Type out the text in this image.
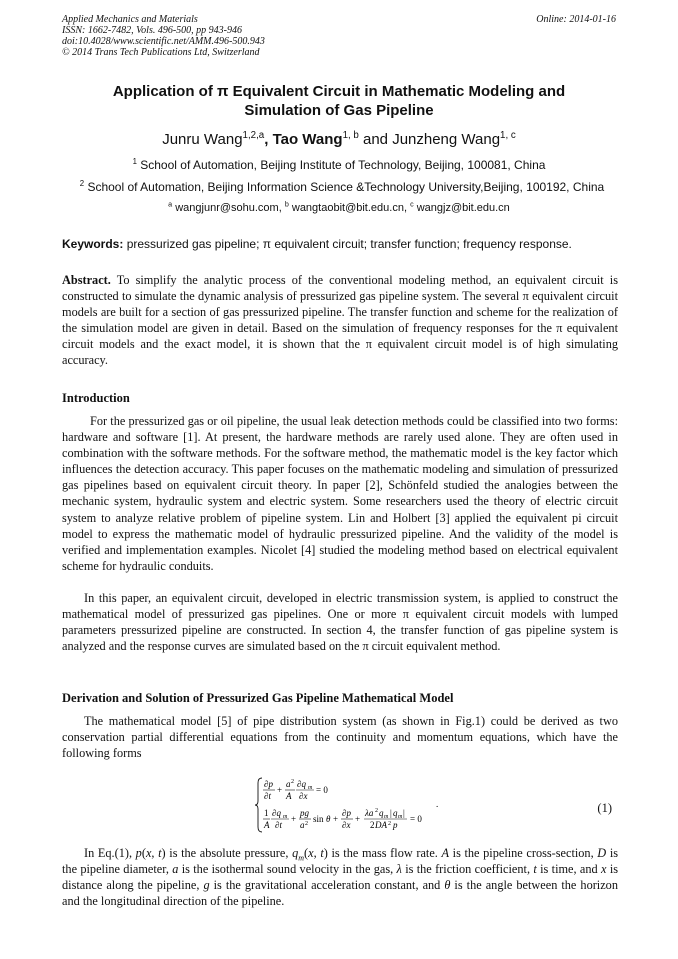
Applied Mechanics and Materials
ISSN: 1662-7482, Vols. 496-500, pp 943-946
doi:10.4028/www.scientific.net/AMM.496-500.943
© 2014 Trans Tech Publications Ltd, Switzerland
Online: 2014-01-16
Application of π Equivalent Circuit in Mathematic Modeling and
Simulation of Gas Pipeline
Junru Wang$^{1,2,a}$, Tao Wang$^{1, b}$ and Junzheng Wang$^{1, c}$
$^1$ School of Automation, Beijing Institute of Technology, Beijing, 100081, China
$^2$ School of Automation, Beijing Information Science &Technology University,Beijing, 100192, China
$^a$ wangjunr@sohu.com, $^b$ wangtaobit@bit.edu.cn, $^c$ wangjz@bit.edu.cn
Keywords: pressurized gas pipeline; π equivalent circuit; transfer function; frequency response.
Abstract. To simplify the analytic process of the conventional modeling method, an equivalent circuit is constructed to simulate the dynamic analysis of pressurized gas pipeline system. The several π equivalent circuit models are built for a section of gas pressurized pipeline. The transfer function and scheme for the realization of the simulation model are given in detail. Based on the simulation of frequency responses for the π equivalent circuit models and the exact model, it is shown that the π equivalent circuit model is of high simulating accuracy.
Introduction
For the pressurized gas or oil pipeline, the usual leak detection methods could be classified into two forms: hardware and software [1]. At present, the hardware methods are rarely used alone. They are often used in combination with the software methods. For the software method, the mathematic model is the key factor which influences the detection accuracy. This paper focuses on the mathematic modeling and simulation of pressurized gas pipelines based on equivalent circuit theory. In paper [2], Schönfeld studied the analogies between the mechanic system, hydraulic system and electric system. Some researchers used the theory of electric circuit system to analyze relative problem of pipeline system. Lin and Holbert [3] applied the equivalent pi circuit model to express the mathematic model of hydraulic pressurized pipeline. And the validity of the model is verified and implementation examples. Nicolet [4] studied the modeling method based on electrical equivalent scheme for hydraulic conduits.
In this paper, an equivalent circuit, developed in electric transmission system, is applied to construct the mathematical model of pressurized gas pipelines. One or more π equivalent circuit models with lumped parameters pressurized pipeline are constructed. In section 4, the transfer function of gas pipeline system is analyzed and the response curves are simulated based on the π circuit equivalent method.
Derivation and Solution of Pressurized Gas Pipeline Mathematical Model
The mathematical model [5] of pipe distribution system (as shown in Fig.1) could be derived as two conservation partial differential equations from the continuity and momentum equations, which have the following forms
∂p
∂t
+
a 2
A
∂q m
∂x
= 0
1
A
∂q m
∂t
+
pg
a 2 sin θ +
∂p
∂x
+
λa 2 q m | q m |
2 DA 2 p
= 0
.	(1)
In Eq.(1), p(x, t) is the absolute pressure, $q_m(x$, t) is the mass flow rate. A is the pipeline cross-section, D is the pipeline diameter, a is the isothermal sound velocity in the gas, λ is the friction coefficient, t is time, and x is distance along the pipeline, g is the gravitational acceleration constant, and θ is the angle between the horizon and the longitudinal direction of the pipeline.
